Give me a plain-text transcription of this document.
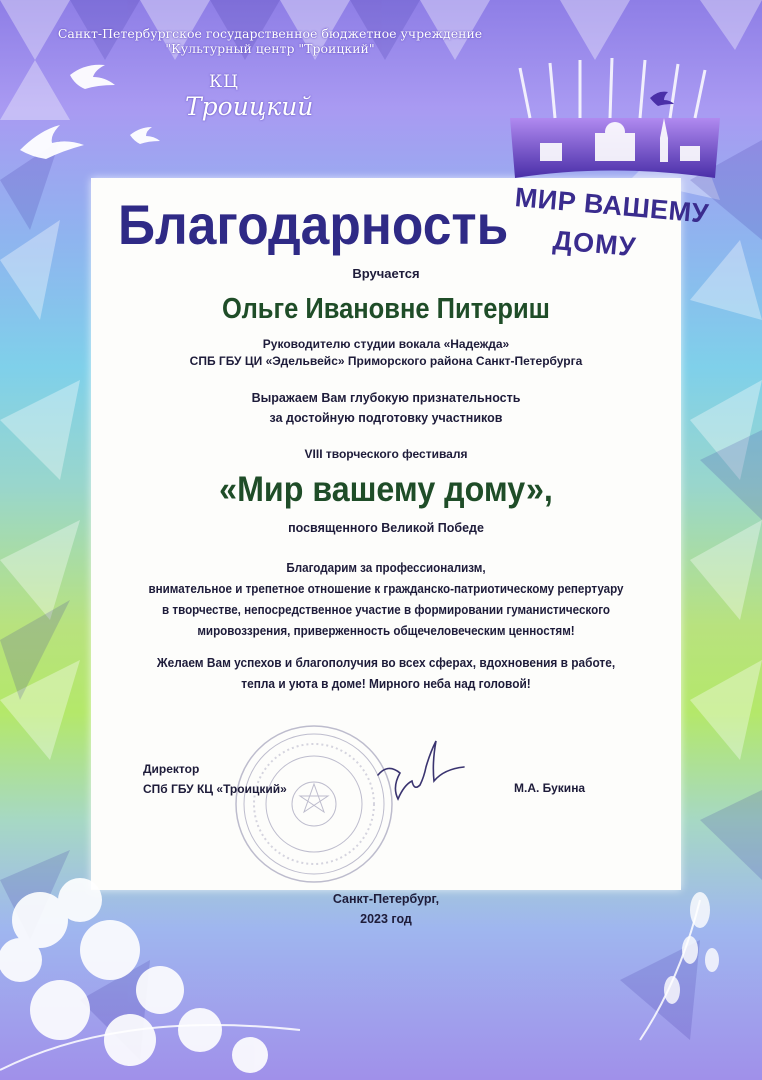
Санкт-Петербургское государственное бюджетное учреждение
"Культурный центр "Троицкий"
КЦ
Троицкий
МИР ВАШЕМУ
ДОМУ
Благодарность
Вручается
Ольге Ивановне Питериш
Руководителю студии вокала «Надежда»
СПБ ГБУ ЦИ «Эдельвейс» Приморского района Санкт-Петербурга
Выражаем Вам глубокую признательность
за достойную подготовку участников
VIII творческого фестиваля
«Мир вашему дому»,
посвященного Великой Победе
Благодарим за профессионализм,
внимательное и трепетное отношение к гражданско-патриотическому репертуару
в творчестве, непосредственное участие в формировании гуманистического
мировоззрения, приверженность общечеловеческим ценностям!
Желаем Вам успехов и благополучия во всех сферах, вдохновения в работе,
тепла и уюта в доме! Мирного неба над головой!
Директор
СПб ГБУ КЦ «Троицкий»	М.А. Букина
Санкт-Петербург,
2023 год
